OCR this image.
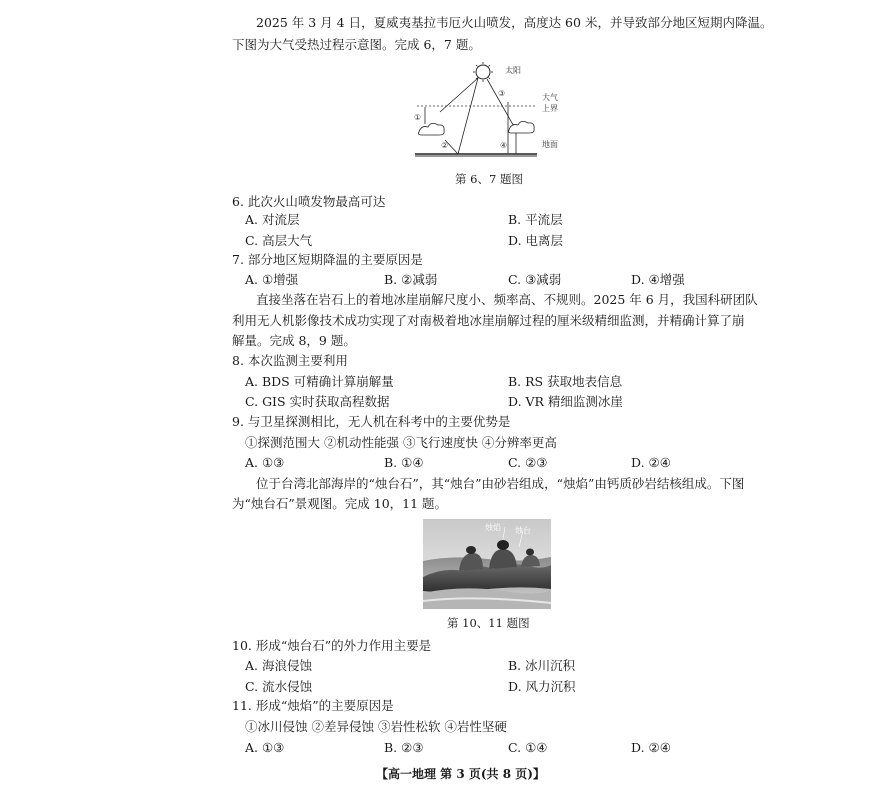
2025 年 3 月 4 日，夏威夷基拉韦厄火山喷发，高度达 60 米，并导致部分地区短期内降温。
下图为大气受热过程示意图。完成 6，7 题。
太阳
大气
上界
地面
①
②
③
④
第 6、7 题图
6. 此次火山喷发物最高可达
A. 对流层	B. 平流层
C. 高层大气	D. 电离层
7. 部分地区短期降温的主要原因是
A. ①增强	B. ②减弱	C. ③减弱	D. ④增强
直接坐落在岩石上的着地冰崖崩解尺度小、频率高、不规则。2025 年 6 月，我国科研团队
利用无人机影像技术成功实现了对南极着地冰崖崩解过程的厘米级精细监测，并精确计算了崩
解量。完成 8，9 题。
8. 本次监测主要利用
A. BDS 可精确计算崩解量	B. RS 获取地表信息
C. GIS 实时获取高程数据	D. VR 精细监测冰崖
9. 与卫星探测相比，无人机在科考中的主要优势是
①探测范围大 ②机动性能强 ③飞行速度快 ④分辨率更高
A. ①③	B. ①④	C. ②③	D. ②④
位于台湾北部海岸的“烛台石”，其“烛台”由砂岩组成，“烛焰”由钙质砂岩结核组成。下图
为“烛台石”景观图。完成 10，11 题。
烛焰 烛台
第 10、11 题图
10. 形成“烛台石”的外力作用主要是
A. 海浪侵蚀	B. 冰川沉积
C. 流水侵蚀	D. 风力沉积
11. 形成“烛焰”的主要原因是
①冰川侵蚀 ②差异侵蚀 ③岩性松软 ④岩性坚硬
A. ①③	B. ②③	C. ①④	D. ②④
【高一地理 第 3 页(共 8 页)】
